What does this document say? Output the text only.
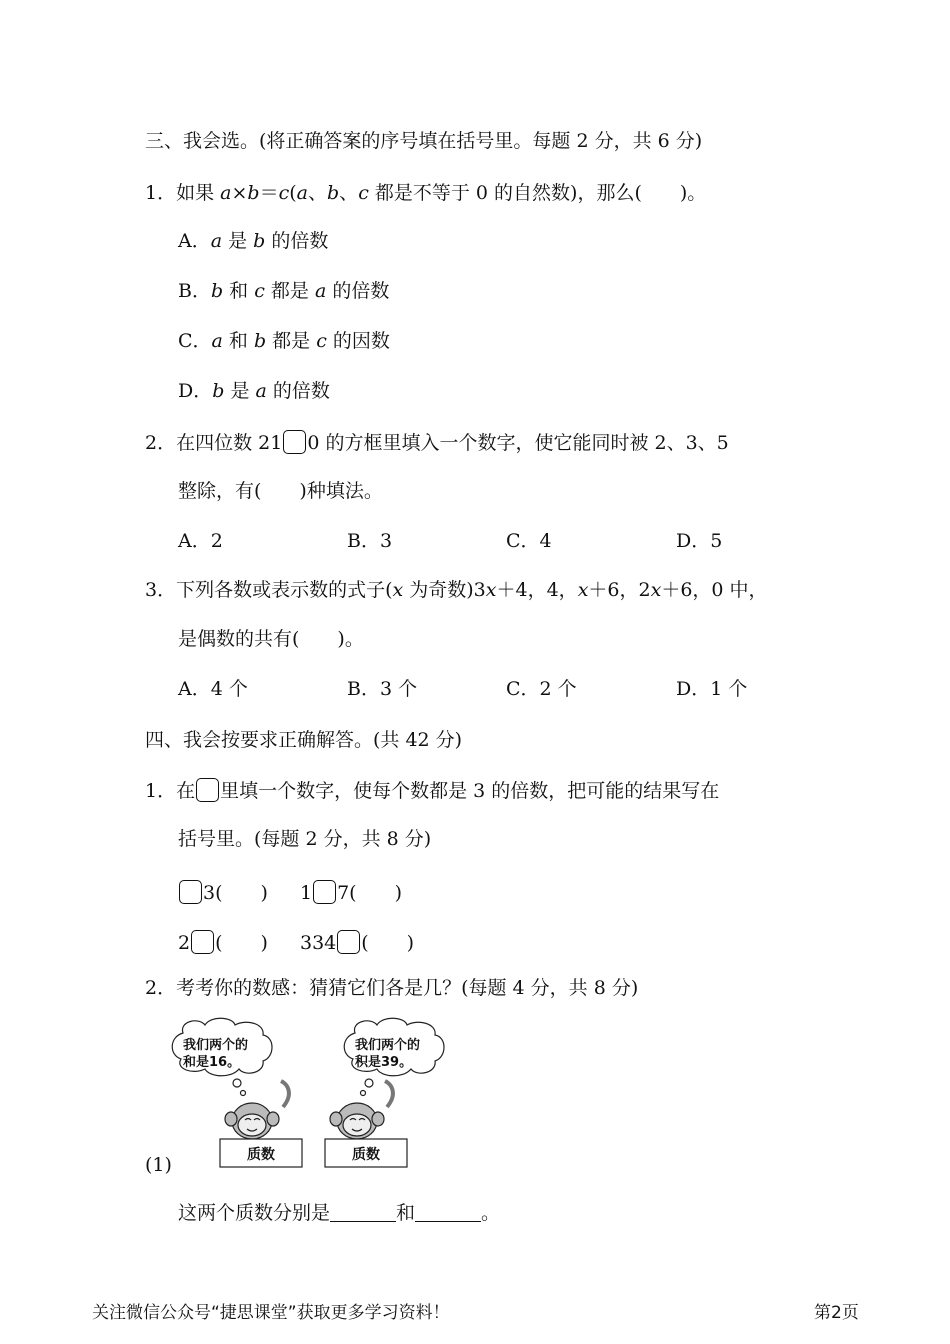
三、我会选。(将正确答案的序号填在括号里。每题 2 分，共 6 分)
1．如果 a×b＝c(a、b、c 都是不等于 0 的自然数)，那么(　　)。
A．a 是 b 的倍数
B．b 和 c 都是 a 的倍数
C．a 和 b 都是 c 的因数
D．b 是 a 的倍数
2．在四位数 21 0 的方框里填入一个数字，使它能同时被 2、3、5
整除，有(　　)种填法。
A．2	B．3	C．4	D．5
3．下列各数或表示数的式子(x 为奇数)3x＋4，4，x＋6，2x＋6，0 中，
是偶数的共有(　　)。
A．4 个	B．3 个	C．2 个	D．1 个
四、我会按要求正确解答。(共 42 分)
1．在 里填一个数字，使每个数都是 3 的倍数，把可能的结果写在
括号里。(每题 2 分，共 8 分)
3(　　) 1 7(　　)
2 (　　) 334 (　　)
2．考考你的数感：猜猜它们各是几？(每题 4 分，共 8 分)
我们两个的
和是16。
我们两个的
积是39。
质数	质数
(1)
这两个质数分别是	和	。
关注微信公众号“捷思课堂”获取更多学习资料！	第2页
